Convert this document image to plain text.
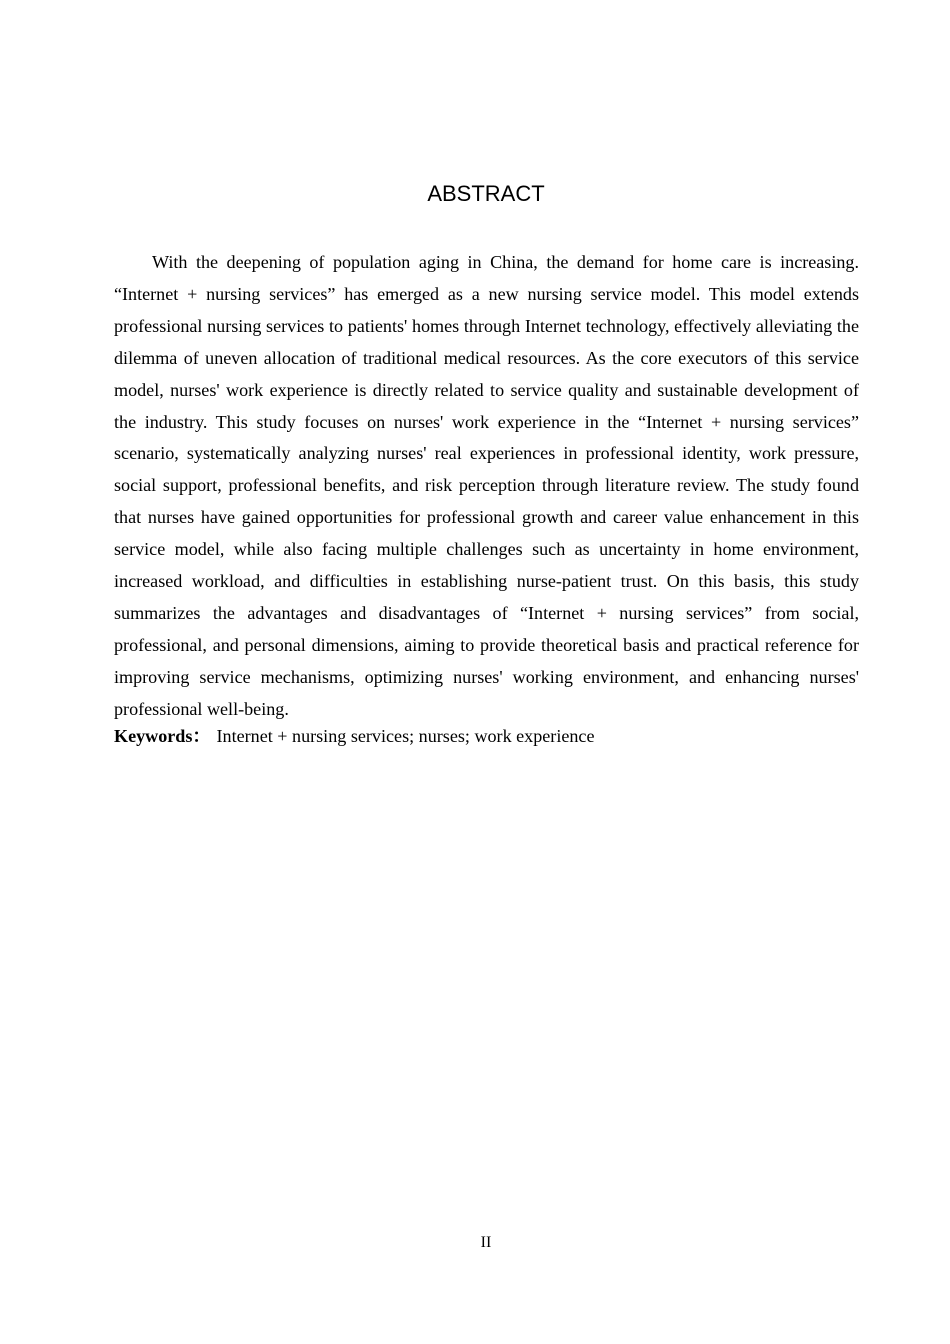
ABSTRACT

With the deepening of population aging in China, the demand for home care is increasing. “Internet + nursing services” has emerged as a new nursing service model. This model extends professional nursing services to patients' homes through Internet technology, effectively alleviating the dilemma of uneven allocation of traditional medical resources. As the core executors of this service model, nurses' work experience is directly related to service quality and sustainable development of the industry. This study focuses on nurses' work experience in the “Internet + nursing services” scenario, systematically analyzing nurses' real experiences in professional identity, work pressure, social support, professional benefits, and risk perception through literature review. The study found that nurses have gained opportunities for professional growth and career value enhancement in this service model, while also facing multiple challenges such as uncertainty in home environment, increased workload, and difficulties in establishing nurse-patient trust. On this basis, this study summarizes the advantages and disadvantages of “Internet + nursing services” from social, professional, and personal dimensions, aiming to provide theoretical basis and practical reference for improving service mechanisms, optimizing nurses' working environment, and enhancing nurses' professional well-being.

Keywords： Internet + nursing services; nurses; work experience

II
